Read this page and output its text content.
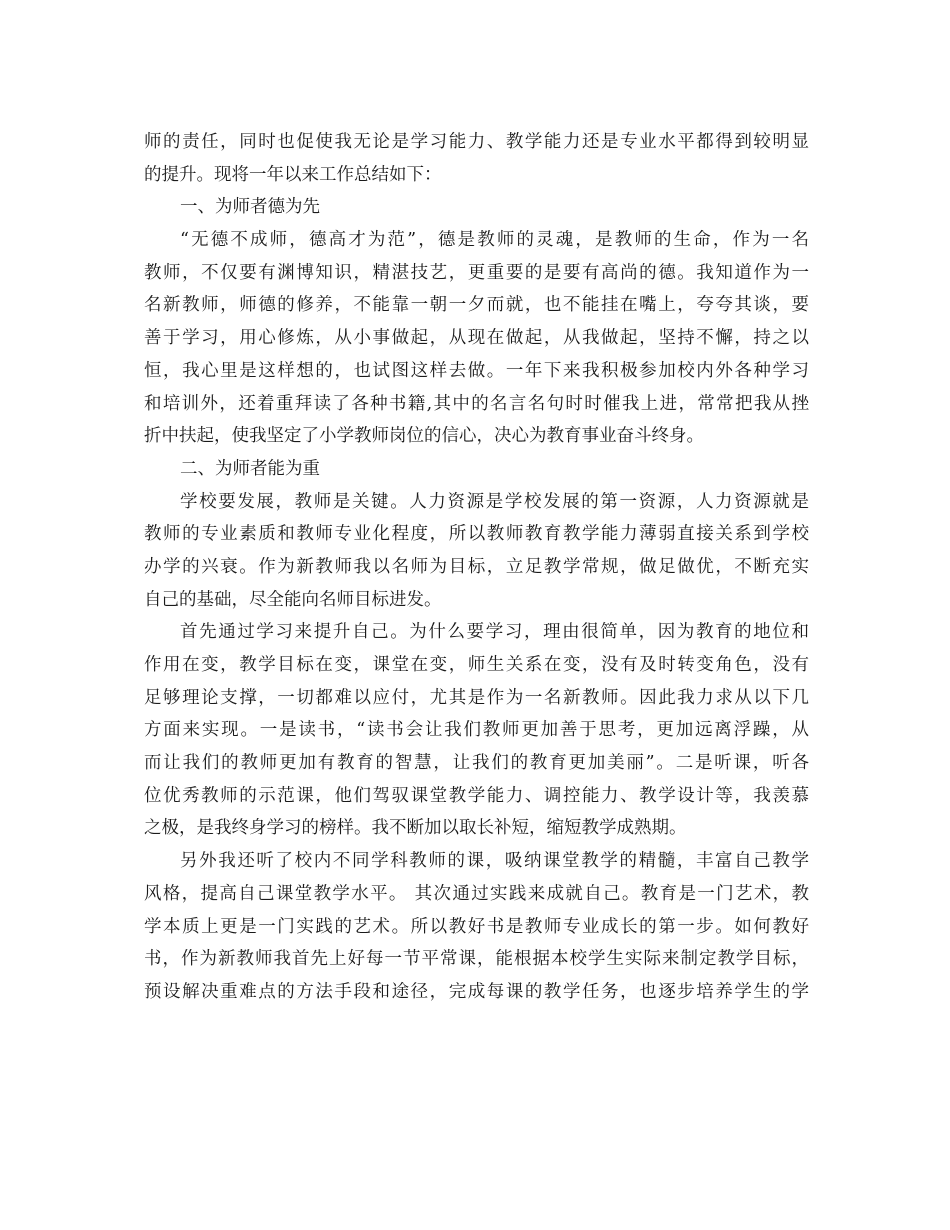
师的责任，同时也促使我无论是学习能力、教学能力还是专业水平都得到较明显
的提升。现将一年以来工作总结如下：
一、为师者德为先
“无德不成师，德高才为范”，德是教师的灵魂，是教师的生命，作为一名
教师，不仅要有渊博知识，精湛技艺，更重要的是要有高尚的德。我知道作为一
名新教师，师德的修养，不能靠一朝一夕而就，也不能挂在嘴上，夸夸其谈，要
善于学习，用心修炼，从小事做起，从现在做起，从我做起，坚持不懈，持之以
恒，我心里是这样想的，也试图这样去做。一年下来我积极参加校内外各种学习
和培训外，还着重拜读了各种书籍,其中的名言名句时时催我上进，常常把我从挫
折中扶起，使我坚定了小学教师岗位的信心，决心为教育事业奋斗终身。
二、为师者能为重
学校要发展，教师是关键。人力资源是学校发展的第一资源，人力资源就是
教师的专业素质和教师专业化程度，所以教师教育教学能力薄弱直接关系到学校
办学的兴衰。作为新教师我以名师为目标，立足教学常规，做足做优，不断充实
自己的基础，尽全能向名师目标进发。
首先通过学习来提升自己。为什么要学习，理由很简单，因为教育的地位和
作用在变，教学目标在变，课堂在变，师生关系在变，没有及时转变角色，没有
足够理论支撑，一切都难以应付，尤其是作为一名新教师。因此我力求从以下几
方面来实现。一是读书，“读书会让我们教师更加善于思考，更加远离浮躁，从
而让我们的教师更加有教育的智慧，让我们的教育更加美丽”。二是听课，听各
位优秀教师的示范课，他们驾驭课堂教学能力、调控能力、教学设计等，我羡慕
之极，是我终身学习的榜样。我不断加以取长补短，缩短教学成熟期。
另外我还听了校内不同学科教师的课，吸纳课堂教学的精髓，丰富自己教学
风格，提高自己课堂教学水平。 其次通过实践来成就自己。教育是一门艺术，教
学本质上更是一门实践的艺术。所以教好书是教师专业成长的第一步。如何教好
书，作为新教师我首先上好每一节平常课，能根据本校学生实际来制定教学目标，
预设解决重难点的方法手段和途径，完成每课的教学任务，也逐步培养学生的学
